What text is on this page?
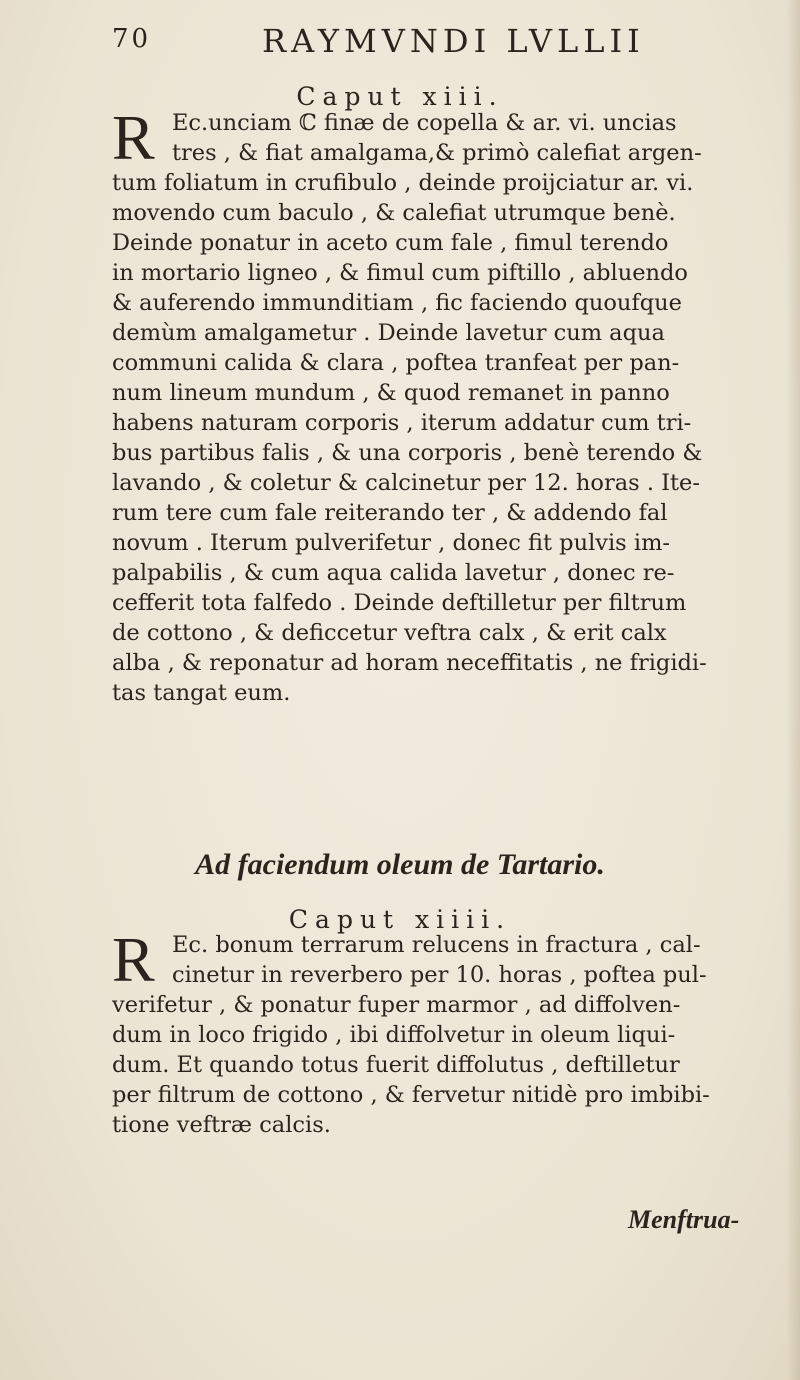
70	RAYMVNDI LVLLII
Caput xiii.
R Ec.unciam ℂ finæ de copella & ar. vi. uncias
tres , & fiat amalgama,& primò calefiat argen-
tum foliatum in crufibulo , deinde proijciatur ar. vi.
movendo cum baculo , & calefiat utrumque benè.
Deinde ponatur in aceto cum fale , fimul terendo
in mortario ligneo , & fimul cum piftillo , abluendo
& auferendo immunditiam , fic faciendo quoufque
demùm amalgametur . Deinde lavetur cum aqua
communi calida & clara , poftea tranfeat per pan-
num lineum mundum , & quod remanet in panno
habens naturam corporis , iterum addatur cum tri-
bus partibus falis , & una corporis , benè terendo &
lavando , & coletur & calcinetur per 12. horas . Ite-
rum tere cum fale reiterando ter , & addendo fal
novum . Iterum pulverifetur , donec fit pulvis im-
palpabilis , & cum aqua calida lavetur , donec re-
cefferit tota falfedo . Deinde deftilletur per filtrum
de cottono , & deficcetur veftra calx , & erit calx
alba , & reponatur ad horam neceffitatis , ne frigidi-
tas tangat eum.
Ad faciendum oleum de Tartario.
Caput xiiii.
R Ec. bonum terrarum relucens in fractura , cal-
cinetur in reverbero per 10. horas , poftea pul-
verifetur , & ponatur fuper marmor , ad diffolven-
dum in loco frigido , ibi diffolvetur in oleum liqui-
dum. Et quando totus fuerit diffolutus , deftilletur
per filtrum de cottono , & fervetur nitidè pro imbibi-
tione veftræ calcis.
Menftrua-
